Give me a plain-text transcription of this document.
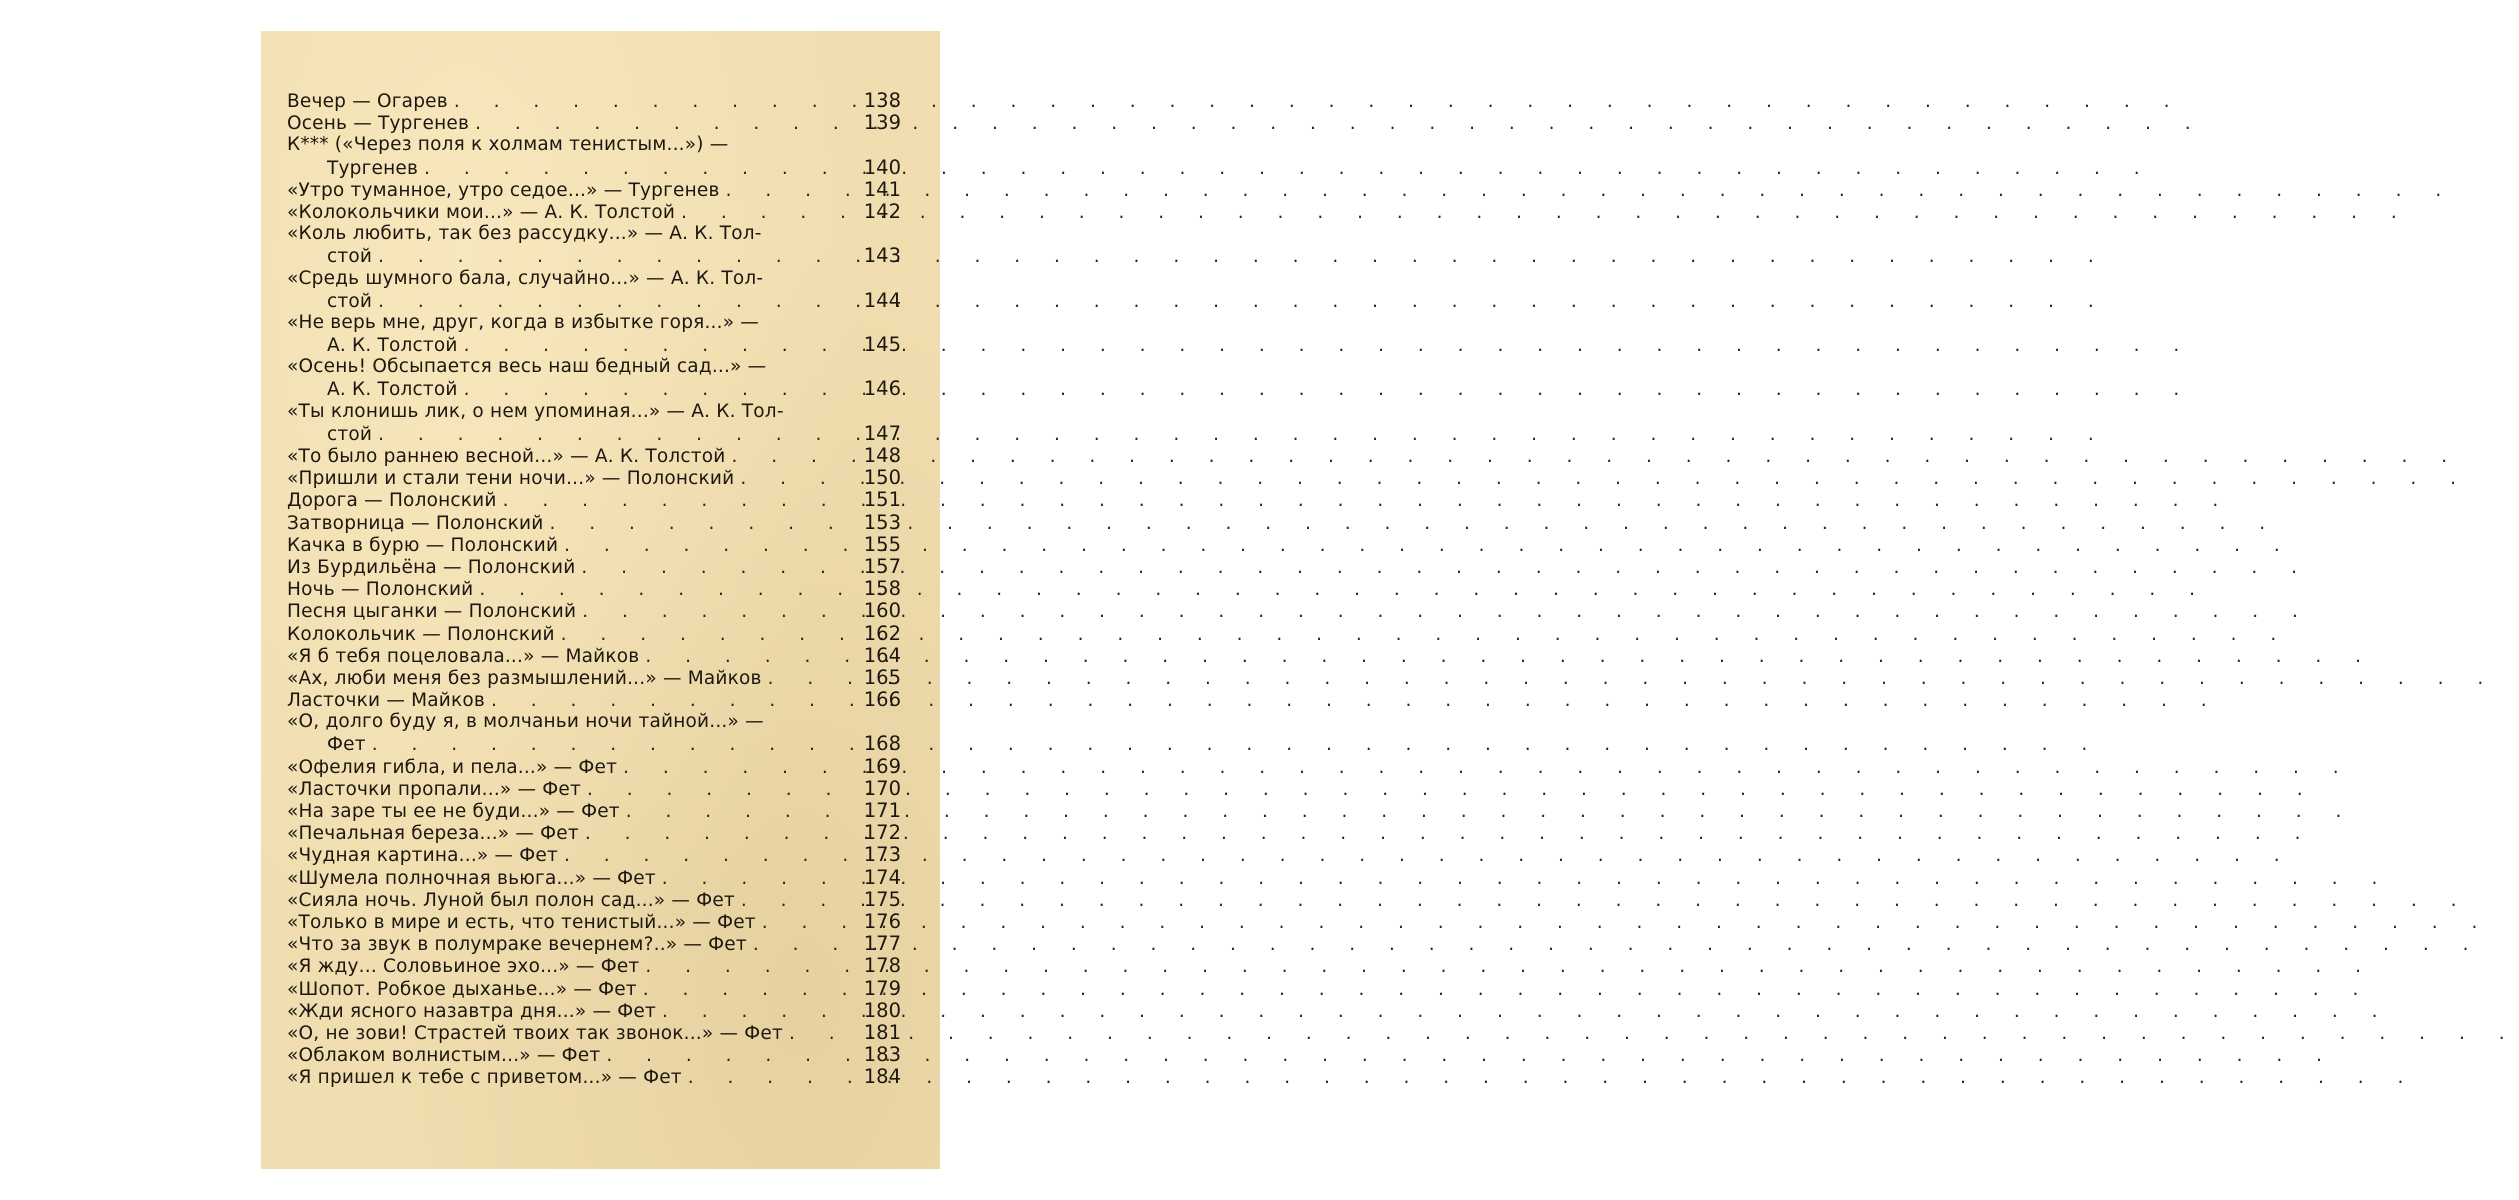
Вечер — Огарев . . .	138
Осень — Тургенев . . .	139
К*** («Через поля к холмам тенистым...») —
Тургенев . . .	140
«Утро туманное, утро седое...» — Тургенев . . .	141
«Колокольчики мои...» — А. К. Толстой . . .	142
«Коль любить, так без рассудку...» — А. К. Тол-
стой . . .	143
«Средь шумного бала, случайно...» — А. К. Тол-
стой . . .	144
«Не верь мне, друг, когда в избытке горя...» —
А. К. Толстой . . .	145
«Осень! Обсыпается весь наш бедный сад...» —
А. К. Толстой . . .	146
«Ты клонишь лик, о нем упоминая...» — А. К. Тол-
стой . . .	147
«То было раннею весной...» — А. К. Толстой . . .	148
«Пришли и стали тени ночи...» — Полонский . . .	150
Дорога — Полонский . . .	151
Затворница — Полонский . . .	153
Качка в бурю — Полонский . . .	155
Из Бурдильёна — Полонский . . .	157
Ночь — Полонский . . .	158
Песня цыганки — Полонский . . .	160
Колокольчик — Полонский . . .	162
«Я б тебя поцеловала...» — Майков . . .	164
«Ах, люби меня без размышлений...» — Майков . . .	165
Ласточки — Майков . . .	166
«О, долго буду я, в молчаньи ночи тайной...» —
Фет . . .	168
«Офелия гибла, и пела...» — Фет . . .	169
«Ласточки пропали...» — Фет . . .	170
«На заре ты ее не буди...» — Фет . . .	171
«Печальная береза...» — Фет . . .	172
«Чудная картина...» — Фет . . .	173
«Шумела полночная вьюга...» — Фет . . .	174
«Сияла ночь. Луной был полон сад...» — Фет . . .	175
«Только в мире и есть, что тенистый...» — Фет . . .	176
«Что за звук в полумраке вечернем?..» — Фет . . .	177
«Я жду... Соловьиное эхо...» — Фет . . .	178
«Шопот. Робкое дыханье...» — Фет . . .	179
«Жди ясного назавтра дня...» — Фет . . .	180
«О, не зови! Страстей твоих так звонок...» — Фет . . .	181
«Облаком волнистым...» — Фет . . .	183
«Я пришел к тебе с приветом...» — Фет . . .	184
